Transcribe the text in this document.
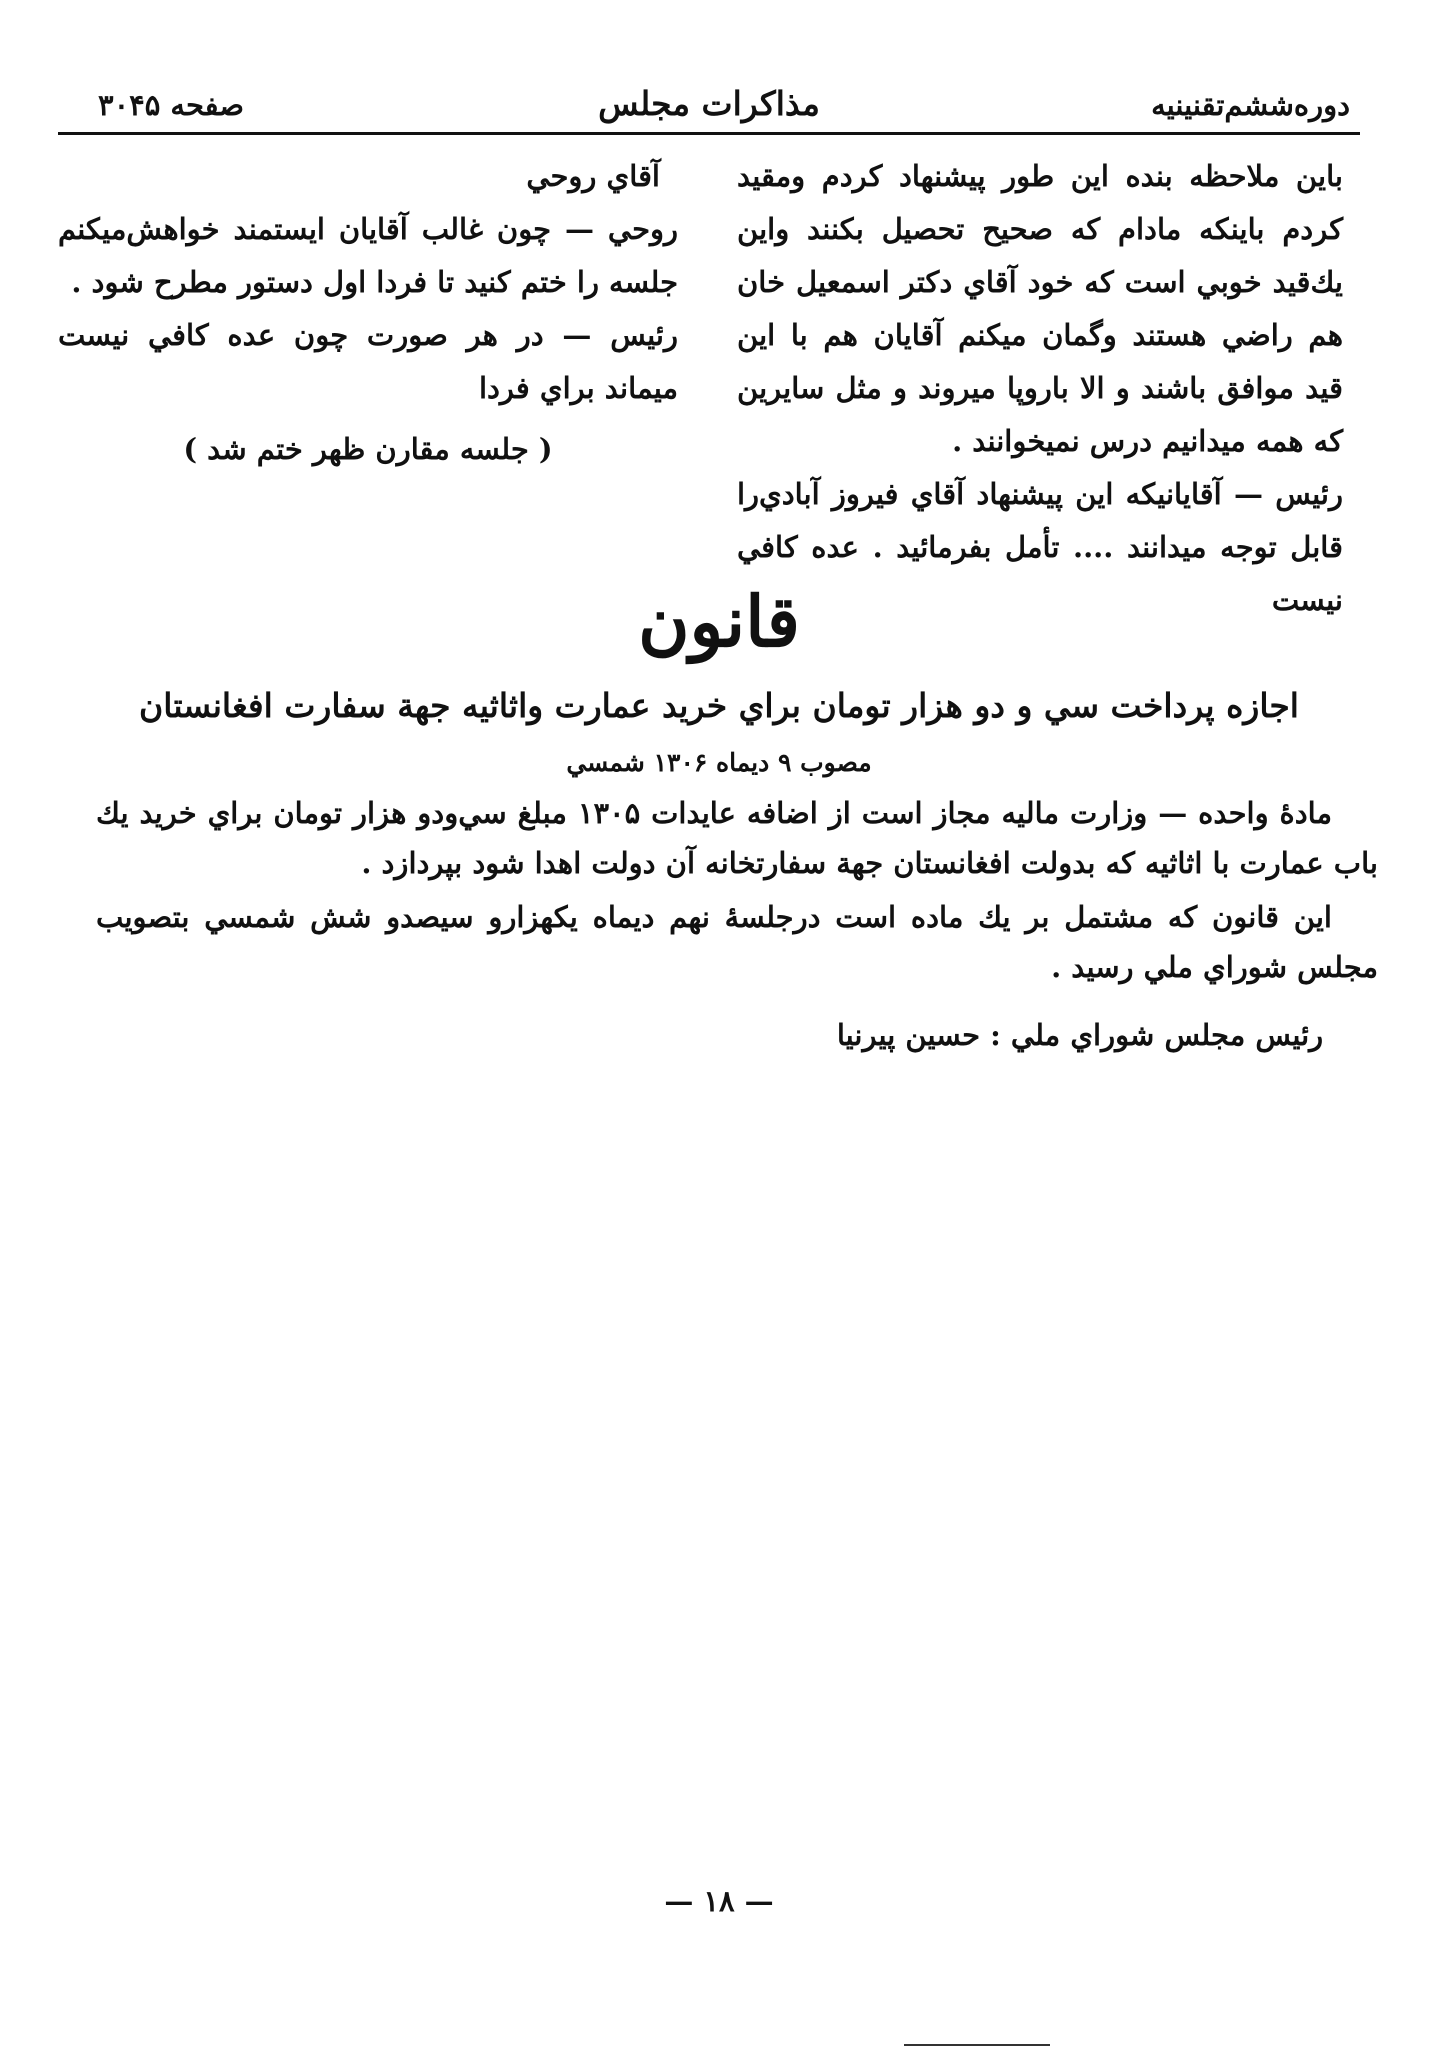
دوره‌ششم‌تقنینیه
مذاکرات مجلس
صفحه ۳۰۴۵

باين ملاحظه بنده اين طور پيشنهاد كردم ومقيد كردم باينكه مادام كه صحيح تحصيل بكنند واين يك‌قيد خوبي است كه خود آقاي دكتر اسمعيل خان هم راضي هستند وگمان ميكنم آقايان هم با اين قيد موافق باشند و الا باروپا ميروند و مثل سايرين كه همه ميدانيم درس نميخوانند .

رئيس — آقايانيكه اين پيشنهاد آقاي فيروز آبادي‌را قابل توجه ميدانند .... تأمل بفرمائيد . عده كافي نيست

آقاي روحي

روحي — چون غالب آقايان ايستمند خواهش‌ميكنم جلسه را ختم كنيد تا فردا اول دستور مطرح شود .

رئيس — در هر صورت چون عده كافي نيست ميماند براي فردا

( جلسه مقارن ظهر ختم شد )

قانون
اجازه پرداخت سي و دو هزار تومان براي خريد عمارت واثاثيه جهة سفارت افغانستان
مصوب ۹ ديماه ۱۳۰۶ شمسي

مادهٔ واحده — وزارت ماليه مجاز است از اضافه عايدات ۱۳۰۵ مبلغ سي‌ودو هزار تومان براي خريد يك باب عمارت با اثاثيه كه بدولت افغانستان جهة سفارتخانه آن دولت اهدا شود بپردازد .

اين قانون كه مشتمل بر يك ماده است درجلسهٔ نهم ديماه يكهزارو سيصدو شش شمسي بتصويب مجلس شوراي ملي رسيد .

رئيس مجلس شوراي ملي : حسين پيرنيا
— ۱۸ —
